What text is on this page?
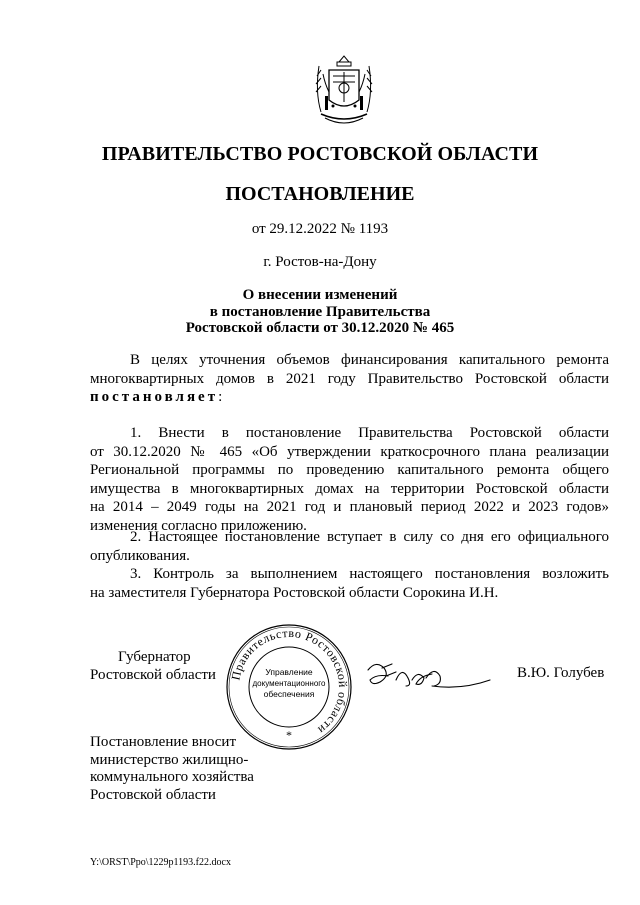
ПРАВИТЕЛЬСТВО РОСТОВСКОЙ ОБЛАСТИ
ПОСТАНОВЛЕНИЕ
от 29.12.2022 № 1193
г. Ростов-на-Дону
О внесении изменений
в постановление Правительства
Ростовской области от 30.12.2020 № 465
В целях уточнения объемов финансирования капитального ремонта
многоквартирных домов в 2021 году Правительство Ростовской области
постановляет:
1. Внести в постановление Правительства Ростовской области
от 30.12.2020 № 465 «Об утверждении краткосрочного плана реализации
Региональной программы по проведению капитального ремонта общего
имущества в многоквартирных домах на территории Ростовской области
на 2014 – 2049 годы на 2021 год и плановый период 2022 и 2023 годов»
изменения согласно приложению.
2. Настоящее постановление вступает в силу со дня его официального
опубликования.
3. Контроль за выполнением настоящего постановления возложить
на заместителя Губернатора Ростовской области Сорокина И.Н.
Губернатор
Ростовской области Правительство Ростовской области
Управление
документационного
обеспечения
*
В.Ю. Голубев
Постановление вносит
министерство жилищно-
коммунального хозяйства
Ростовской области
Y:\ORST\Ppo\1229p1193.f22.docx
